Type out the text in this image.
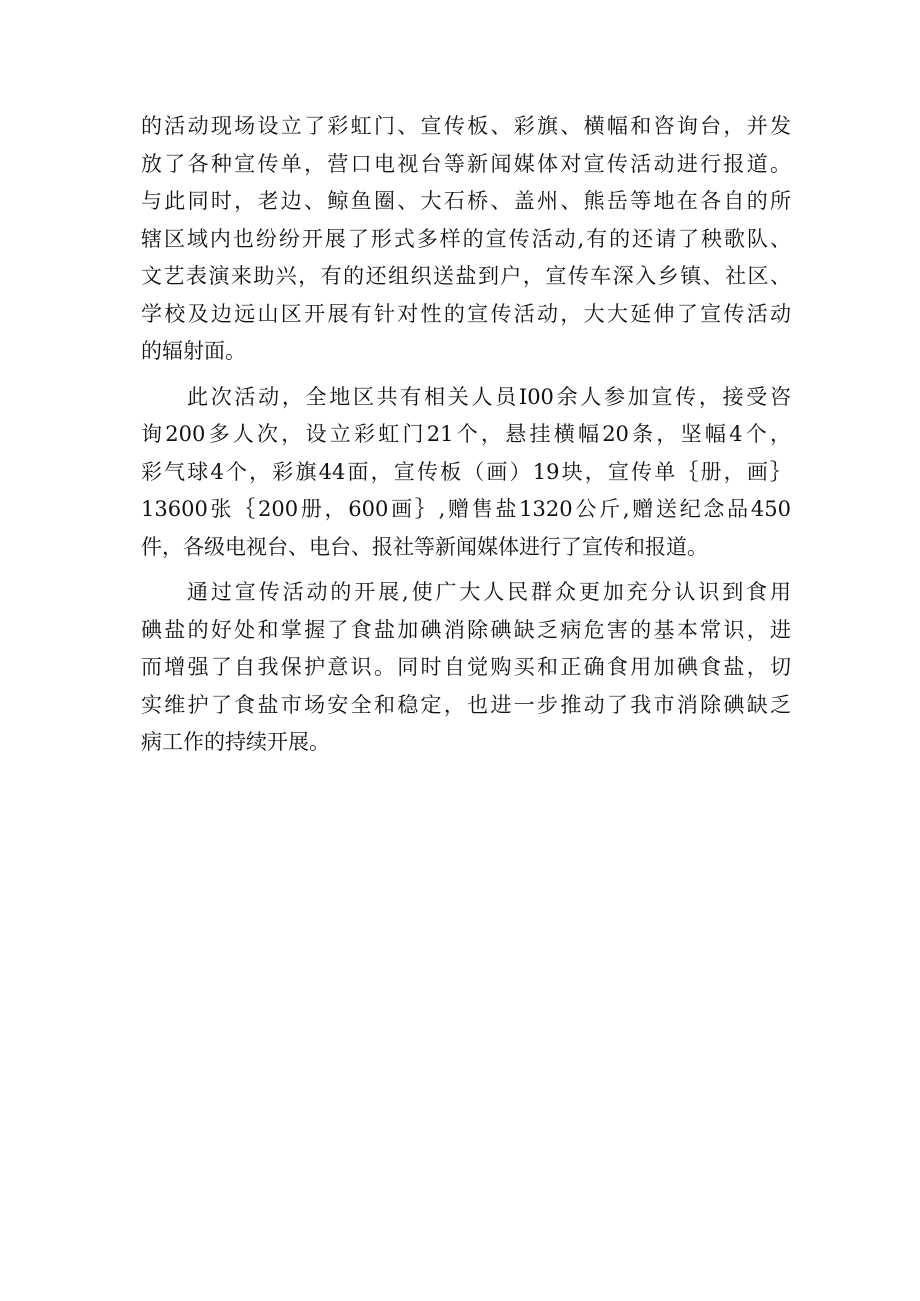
的活动现场设立了彩虹门、宣传板、彩旗、横幅和咨询台，并发
放了各种宣传单，营口电视台等新闻媒体对宣传活动进行报道。
与此同时，老边、鲸鱼圈、大石桥、盖州、熊岳等地在各自的所
辖区域内也纷纷开展了形式多样的宣传活动,有的还请了秧歌队、
文艺表演来助兴，有的还组织送盐到户，宣传车深入乡镇、社区、
学校及边远山区开展有针对性的宣传活动，大大延伸了宣传活动
的辐射面。
此次活动，全地区共有相关人员I00余人参加宣传，接受咨
询200多人次，设立彩虹门21个，悬挂横幅20条，坚幅4个，
彩气球4个，彩旗44面，宣传板（画）19块，宣传单｛册，画｝
13600张｛200册，600画｝,赠售盐1320公斤,赠送纪念品450
件，各级电视台、电台、报社等新闻媒体进行了宣传和报道。
通过宣传活动的开展,使广大人民群众更加充分认识到食用
碘盐的好处和掌握了食盐加碘消除碘缺乏病危害的基本常识，进
而增强了自我保护意识。同时自觉购买和正确食用加碘食盐，切
实维护了食盐市场安全和稳定，也进一步推动了我市消除碘缺乏
病工作的持续开展。
